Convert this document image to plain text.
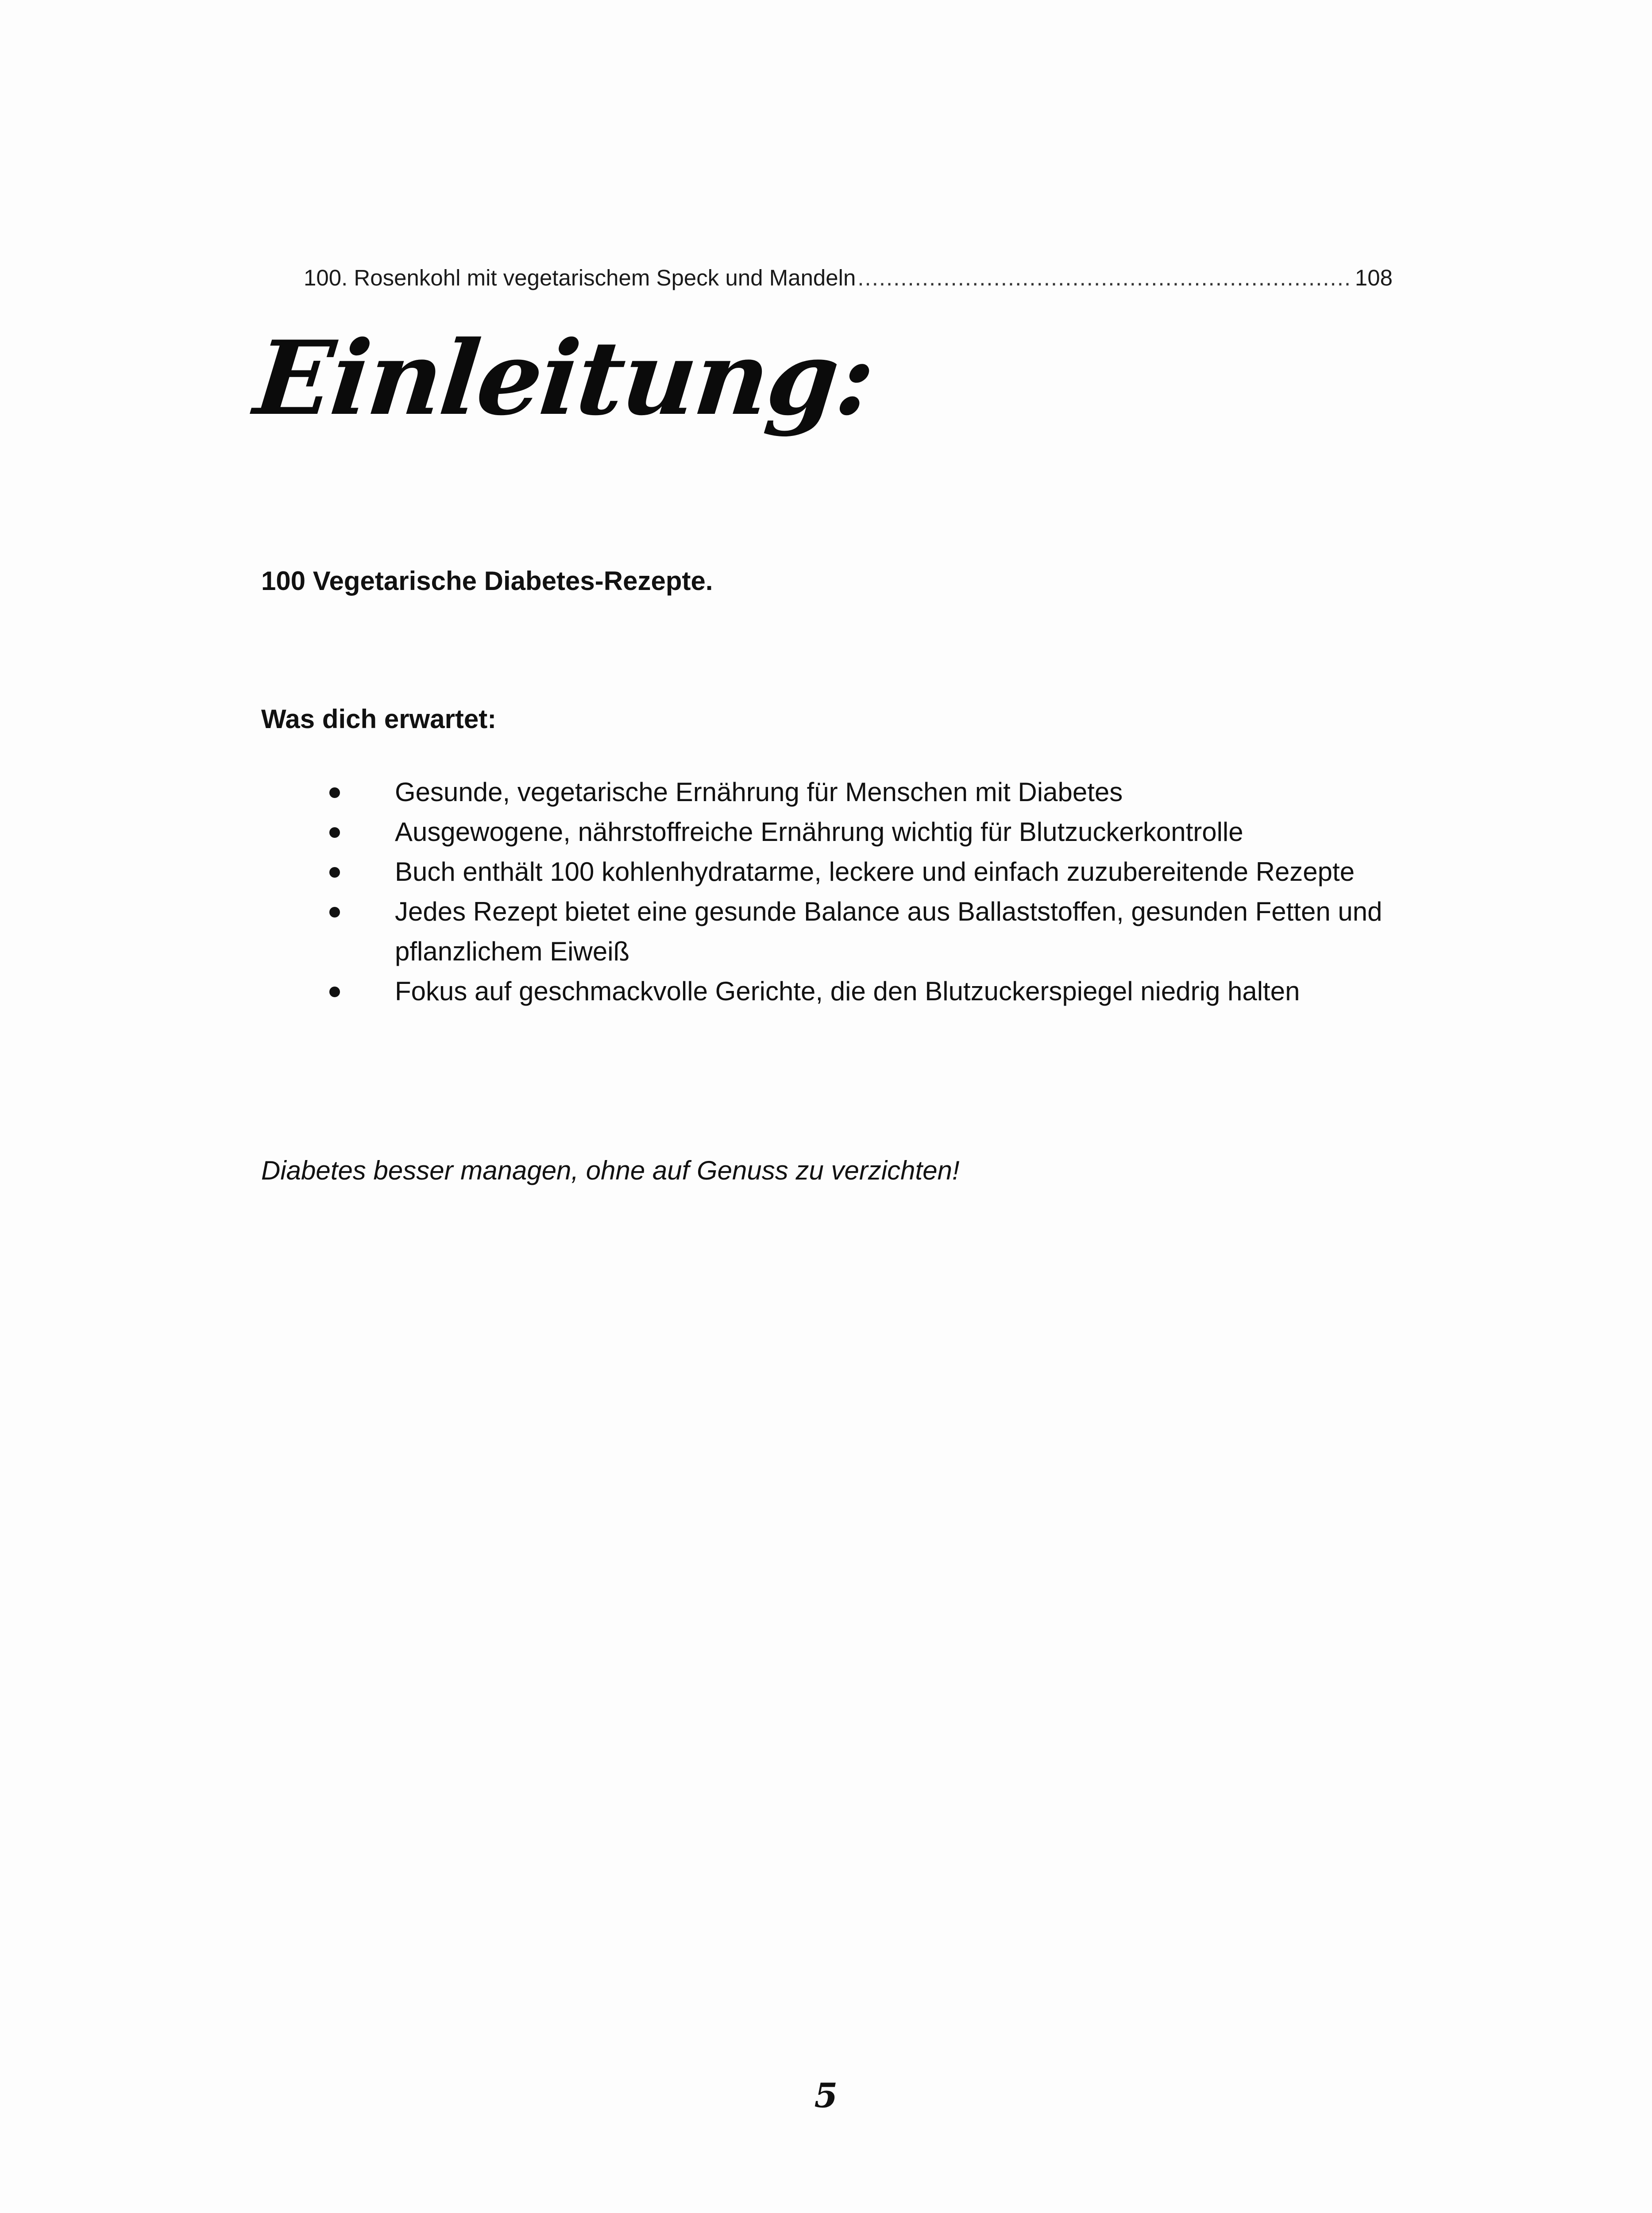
100. Rosenkohl mit vegetarischem Speck und Mandeln
.....	108
Einleitung:
100 Vegetarische Diabetes-Rezepte.
Was dich erwartet:
Gesunde, vegetarische Ernährung für Menschen mit Diabetes
Ausgewogene, nährstoffreiche Ernährung wichtig für Blutzuckerkontrolle
Buch enthält 100 kohlenhydratarme, leckere und einfach zuzubereitende Rezepte
Jedes Rezept bietet eine gesunde Balance aus Ballaststoffen, gesunden Fetten und pflanzlichem Eiweiß
Fokus auf geschmackvolle Gerichte, die den Blutzuckerspiegel niedrig halten
Diabetes besser managen, ohne auf Genuss zu verzichten!
5
